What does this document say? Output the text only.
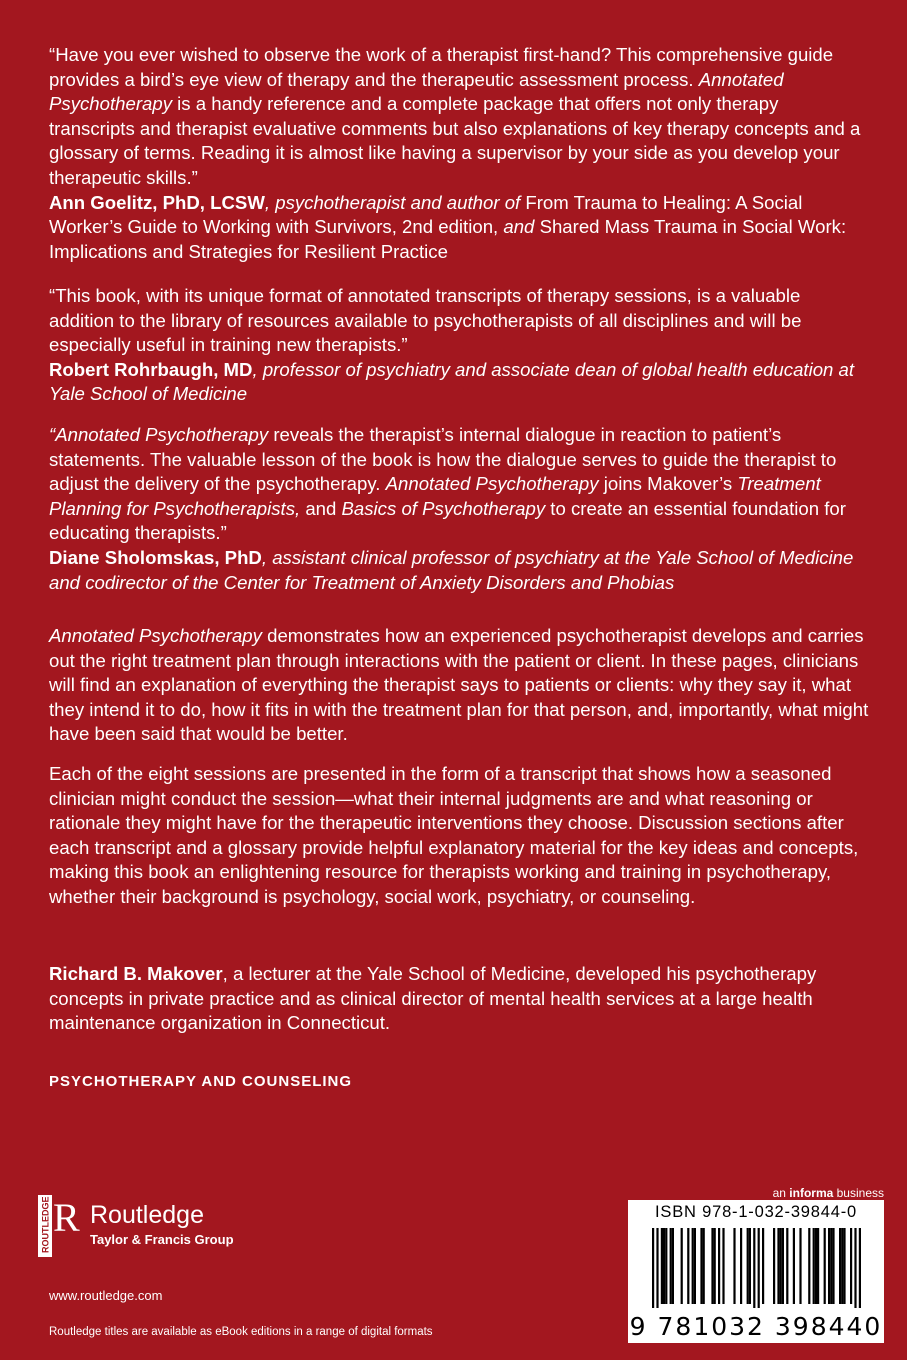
“Have you ever wished to observe the work of a therapist first-hand? This comprehensive guide provides a bird’s eye view of therapy and the therapeutic assessment process. Annotated Psychotherapy is a handy reference and a complete package that offers not only therapy transcripts and therapist evaluative comments but also explanations of key therapy concepts and a glossary of terms. Reading it is almost like having a supervisor by your side as you develop your therapeutic skills.”

Ann Goelitz, PhD, LCSW, psychotherapist and author of From Trauma to Healing: A Social Worker’s Guide to Working with Survivors, 2nd edition, and Shared Mass Trauma in Social Work: Implications and Strategies for Resilient Practice

“This book, with its unique format of annotated transcripts of therapy sessions, is a valuable addition to the library of resources available to psychotherapists of all disciplines and will be especially useful in training new therapists.”

Robert Rohrbaugh, MD, professor of psychiatry and associate dean of global health education at Yale School of Medicine

“Annotated Psychotherapy reveals the therapist’s internal dialogue in reaction to patient’s statements. The valuable lesson of the book is how the dialogue serves to guide the therapist to adjust the delivery of the psychotherapy. Annotated Psychotherapy joins Makover’s Treatment Planning for Psychotherapists, and Basics of Psychotherapy to create an essential foundation for educating therapists.”

Diane Sholomskas, PhD, assistant clinical professor of psychiatry at the Yale School of Medicine and codirector of the Center for Treatment of Anxiety Disorders and Phobias

Annotated Psychotherapy demonstrates how an experienced psychotherapist develops and carries out the right treatment plan through interactions with the patient or client. In these pages, clinicians will find an explanation of everything the therapist says to patients or clients: why they say it, what they intend it to do, how it fits in with the treatment plan for that person, and, importantly, what might have been said that would be better.

Each of the eight sessions are presented in the form of a transcript that shows how a seasoned clinician might conduct the session—what their internal judgments are and what reasoning or rationale they might have for the therapeutic interventions they choose. Discussion sections after each transcript and a glossary provide helpful explanatory material for the key ideas and concepts, making this book an enlightening resource for therapists working and training in psychotherapy, whether their background is psychology, social work, psychiatry, or counseling.

Richard B. Makover, a lecturer at the Yale School of Medicine, developed his psychotherapy concepts in private practice and as clinical director of mental health services at a large health maintenance organization in Connecticut.

PSYCHOTHERAPY AND COUNSELING
ROUTLEDGE R Routledge
Taylor & Francis Group
www.routledge.com
Routledge titles are available as eBook editions in a range of digital formats
an informa business
ISBN 978-1-032-39844-0
9 781032 398440
